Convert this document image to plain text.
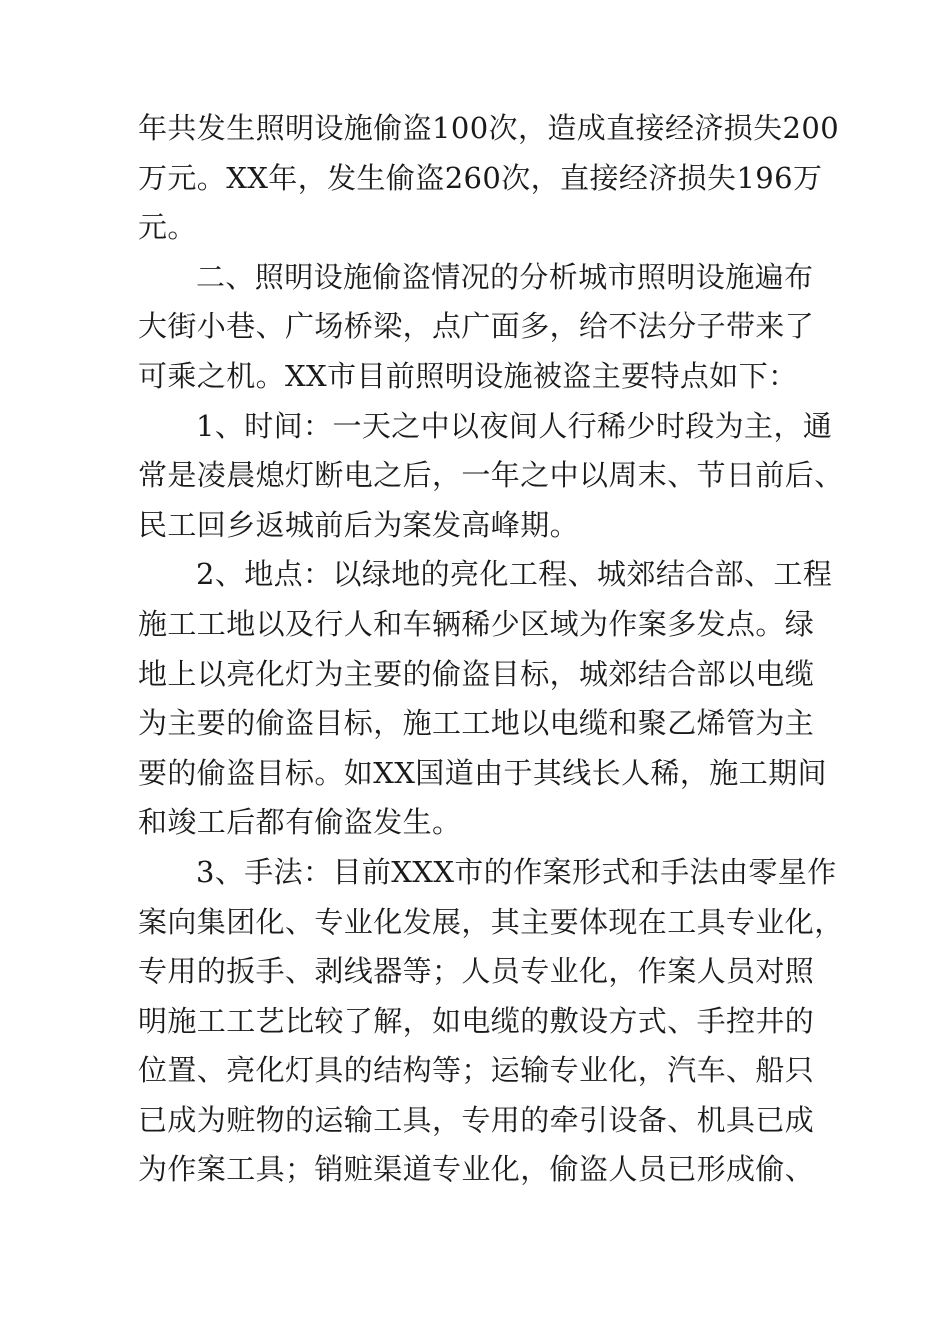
年共发生照明设施偷盗100次，造成直接经济损失200
万元。XX年，发生偷盗260次，直接经济损失196万
元。
二、照明设施偷盗情况的分析城市照明设施遍布
大街小巷、广场桥梁，点广面多，给不法分子带来了
可乘之机。XX市目前照明设施被盗主要特点如下：
1、时间：一天之中以夜间人行稀少时段为主，通
常是凌晨熄灯断电之后，一年之中以周末、节日前后、
民工回乡返城前后为案发高峰期。
2、地点：以绿地的亮化工程、城郊结合部、工程
施工工地以及行人和车辆稀少区域为作案多发点。绿
地上以亮化灯为主要的偷盗目标，城郊结合部以电缆
为主要的偷盗目标，施工工地以电缆和聚乙烯管为主
要的偷盗目标。如XX国道由于其线长人稀，施工期间
和竣工后都有偷盗发生。
3、手法：目前XXX市的作案形式和手法由零星作
案向集团化、专业化发展，其主要体现在工具专业化，
专用的扳手、剥线器等；人员专业化，作案人员对照
明施工工艺比较了解，如电缆的敷设方式、手控井的
位置、亮化灯具的结构等；运输专业化，汽车、船只
已成为赃物的运输工具，专用的牵引设备、机具已成
为作案工具；销赃渠道专业化，偷盗人员已形成偷、
